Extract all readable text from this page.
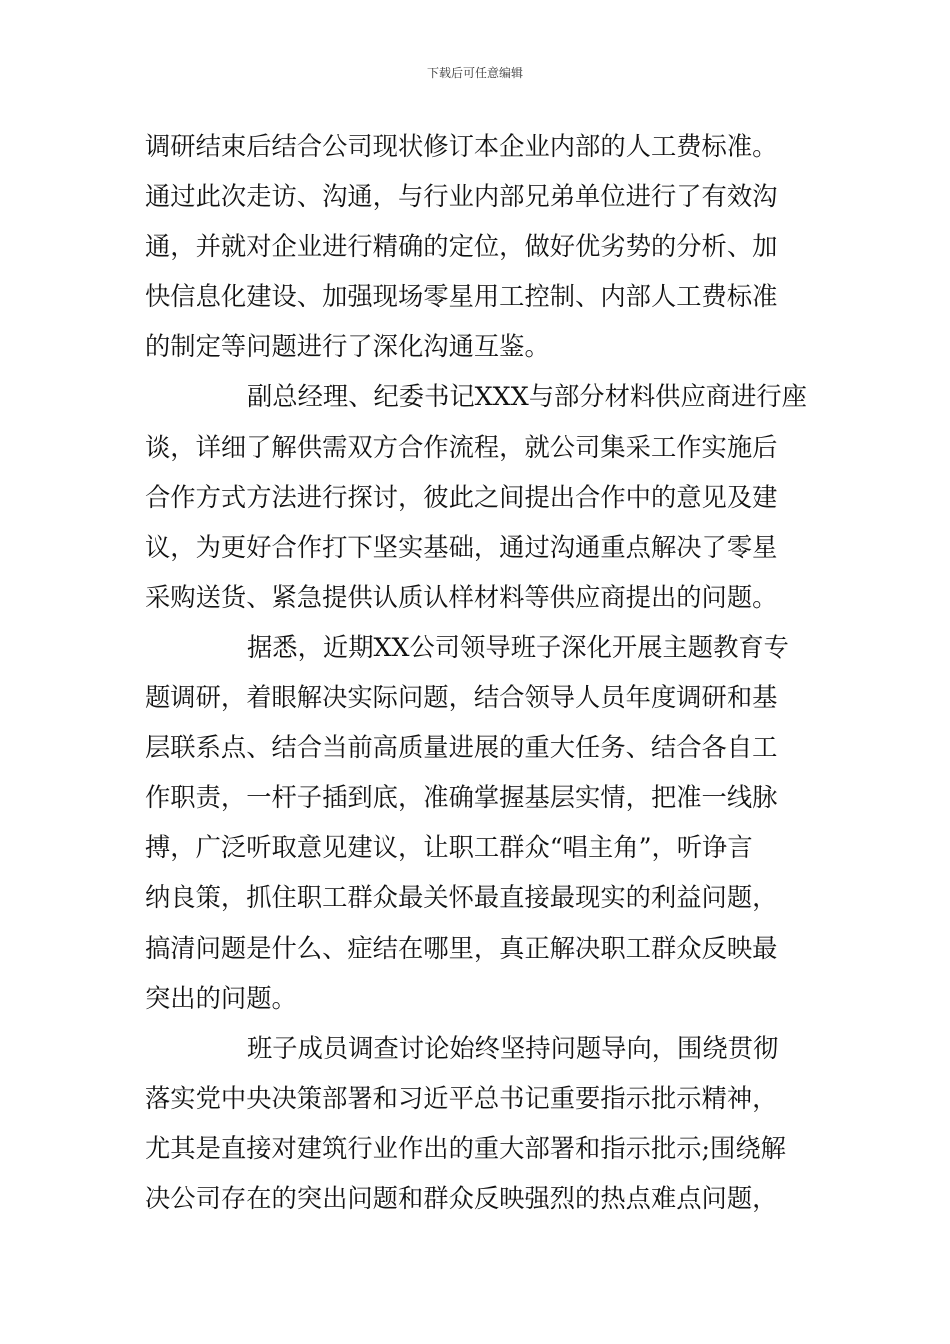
下载后可任意编辑
调研结束后结合公司现状修订本企业内部的人工费标准。
通过此次走访、沟通，与行业内部兄弟单位进行了有效沟
通，并就对企业进行精确的定位，做好优劣势的分析、加
快信息化建设、加强现场零星用工控制、内部人工费标准
的制定等问题进行了深化沟通互鉴。
副总经理、纪委书记XXX与部分材料供应商进行座
谈，详细了解供需双方合作流程，就公司集采工作实施后
合作方式方法进行探讨，彼此之间提出合作中的意见及建
议，为更好合作打下坚实基础，通过沟通重点解决了零星
采购送货、紧急提供认质认样材料等供应商提出的问题。
据悉，近期XX公司领导班子深化开展主题教育专
题调研，着眼解决实际问题，结合领导人员年度调研和基
层联系点、结合当前高质量进展的重大任务、结合各自工
作职责，一杆子插到底，准确掌握基层实情，把准一线脉
搏，广泛听取意见建议，让职工群众“唱主角”，听诤言
纳良策，抓住职工群众最关怀最直接最现实的利益问题，
搞清问题是什么、症结在哪里，真正解决职工群众反映最
突出的问题。
班子成员调查讨论始终坚持问题导向，围绕贯彻
落实党中央决策部署和习近平总书记重要指示批示精神，
尤其是直接对建筑行业作出的重大部署和指示批示;围绕解
决公司存在的突出问题和群众反映强烈的热点难点问题，
